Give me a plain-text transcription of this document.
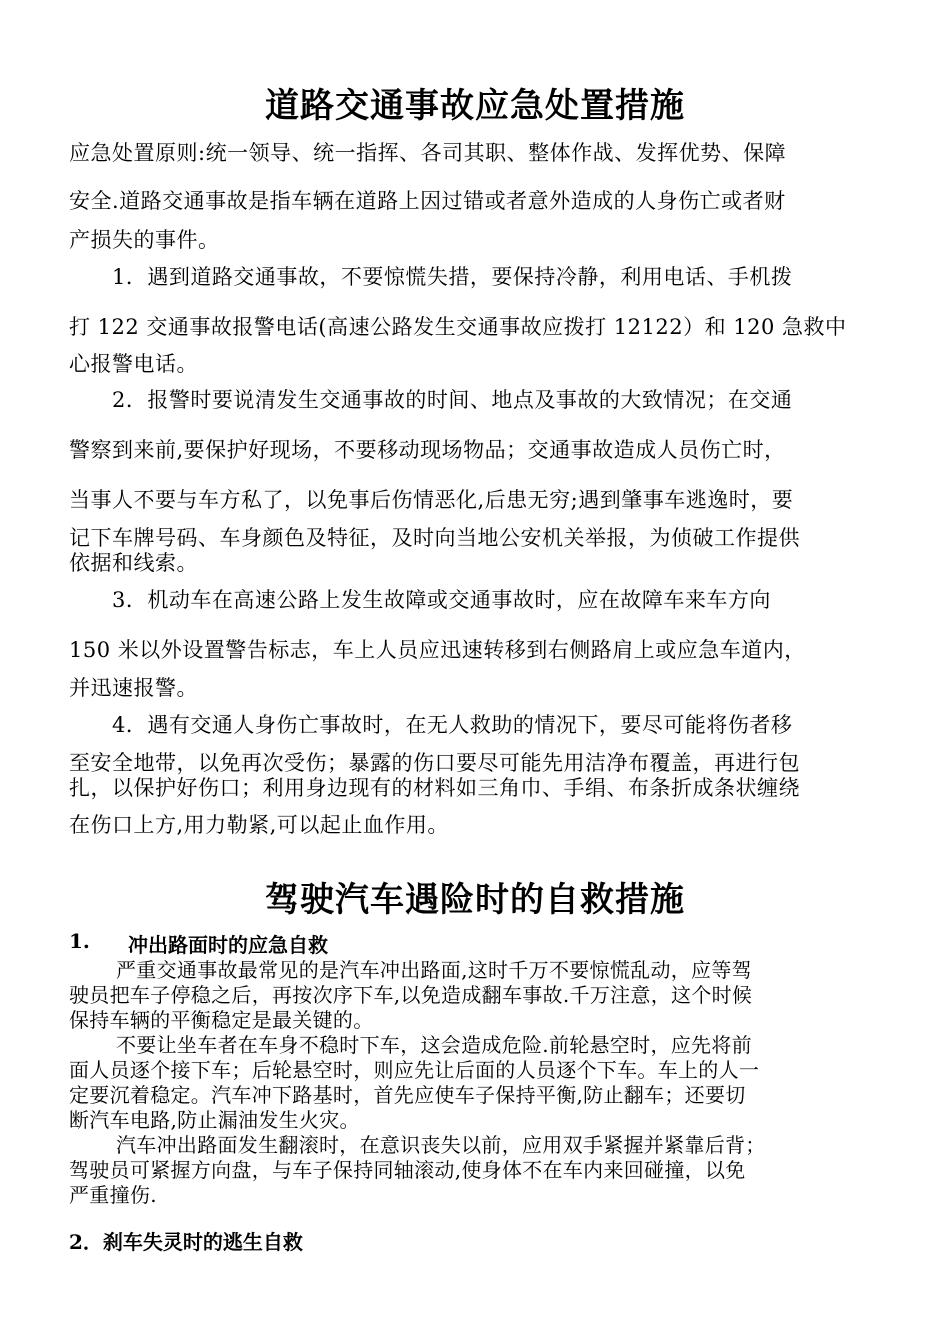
道路交通事故应急处置措施

应急处置原则:统一领导、统一指挥、各司其职、整体作战、发挥优势、保障

安全.道路交通事故是指车辆在道路上因过错或者意外造成的人身伤亡或者财

产损失的事件。

1．遇到道路交通事故，不要惊慌失措，要保持冷静，利用电话、手机拨

打 122 交通事故报警电话(高速公路发生交通事故应拨打 12122）和 120 急救中

心报警电话。

2．报警时要说清发生交通事故的时间、地点及事故的大致情况；在交通

警察到来前,要保护好现场，不要移动现场物品；交通事故造成人员伤亡时，

当事人不要与车方私了，以免事后伤情恶化,后患无穷;遇到肇事车逃逸时，要

记下车牌号码、车身颜色及特征，及时向当地公安机关举报，为侦破工作提供

依据和线索。

3．机动车在高速公路上发生故障或交通事故时，应在故障车来车方向

150 米以外设置警告标志，车上人员应迅速转移到右侧路肩上或应急车道内，

并迅速报警。

4．遇有交通人身伤亡事故时，在无人救助的情况下，要尽可能将伤者移

至安全地带，以免再次受伤；暴露的伤口要尽可能先用洁净布覆盖，再进行包

扎，以保护好伤口；利用身边现有的材料如三角巾、手绢、布条折成条状缠绕

在伤口上方,用力勒紧,可以起止血作用。

驾驶汽车遇险时的自救措施

1. 冲出路面时的应急自救

严重交通事故最常见的是汽车冲出路面,这时千万不要惊慌乱动，应等驾

驶员把车子停稳之后，再按次序下车,以免造成翻车事故.千万注意，这个时候

保持车辆的平衡稳定是最关键的。

不要让坐车者在车身不稳时下车，这会造成危险.前轮悬空时，应先将前

面人员逐个接下车；后轮悬空时，则应先让后面的人员逐个下车。车上的人一

定要沉着稳定。汽车冲下路基时，首先应使车子保持平衡,防止翻车；还要切

断汽车电路,防止漏油发生火灾。

汽车冲出路面发生翻滚时，在意识丧失以前，应用双手紧握并紧靠后背；

驾驶员可紧握方向盘，与车子保持同轴滚动,使身体不在车内来回碰撞，以免

严重撞伤.

2．刹车失灵时的逃生自救
